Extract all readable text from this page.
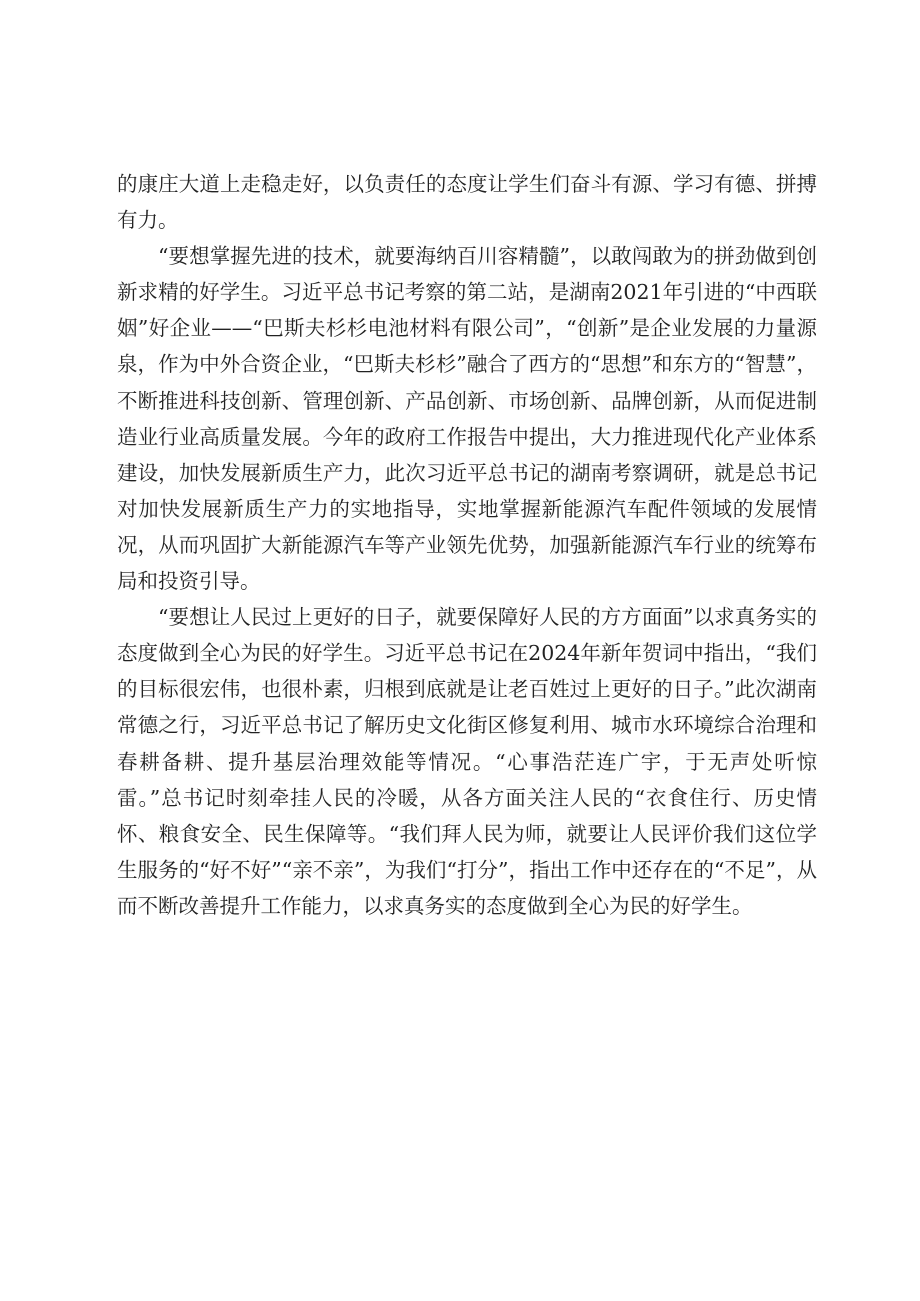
的康庄大道上走稳走好，以负责任的态度让学生们奋斗有源、学习有德、拼搏有力。

“要想掌握先进的技术，就要海纳百川容精髓”，以敢闯敢为的拼劲做到创新求精的好学生。习近平总书记考察的第二站，是湖南2021年引进的“中西联姻”好企业——“巴斯夫杉杉电池材料有限公司”，“创新”是企业发展的力量源泉，作为中外合资企业，“巴斯夫杉杉”融合了西方的“思想”和东方的“智慧”，不断推进科技创新、管理创新、产品创新、市场创新、品牌创新，从而促进制造业行业高质量发展。今年的政府工作报告中提出，大力推进现代化产业体系建设，加快发展新质生产力，此次习近平总书记的湖南考察调研，就是总书记对加快发展新质生产力的实地指导，实地掌握新能源汽车配件领域的发展情况，从而巩固扩大新能源汽车等产业领先优势，加强新能源汽车行业的统筹布局和投资引导。

“要想让人民过上更好的日子，就要保障好人民的方方面面”以求真务实的态度做到全心为民的好学生。习近平总书记在2024年新年贺词中指出，“我们的目标很宏伟，也很朴素，归根到底就是让老百姓过上更好的日子。”此次湖南常德之行，习近平总书记了解历史文化街区修复利用、城市水环境综合治理和春耕备耕、提升基层治理效能等情况。“心事浩茫连广宇，于无声处听惊雷。”总书记时刻牵挂人民的冷暖，从各方面关注人民的“衣食住行、历史情怀、粮食安全、民生保障等。“我们拜人民为师，就要让人民评价我们这位学生服务的“好不好”“亲不亲”，为我们“打分”，指出工作中还存在的“不足”，从而不断改善提升工作能力，以求真务实的态度做到全心为民的好学生。
